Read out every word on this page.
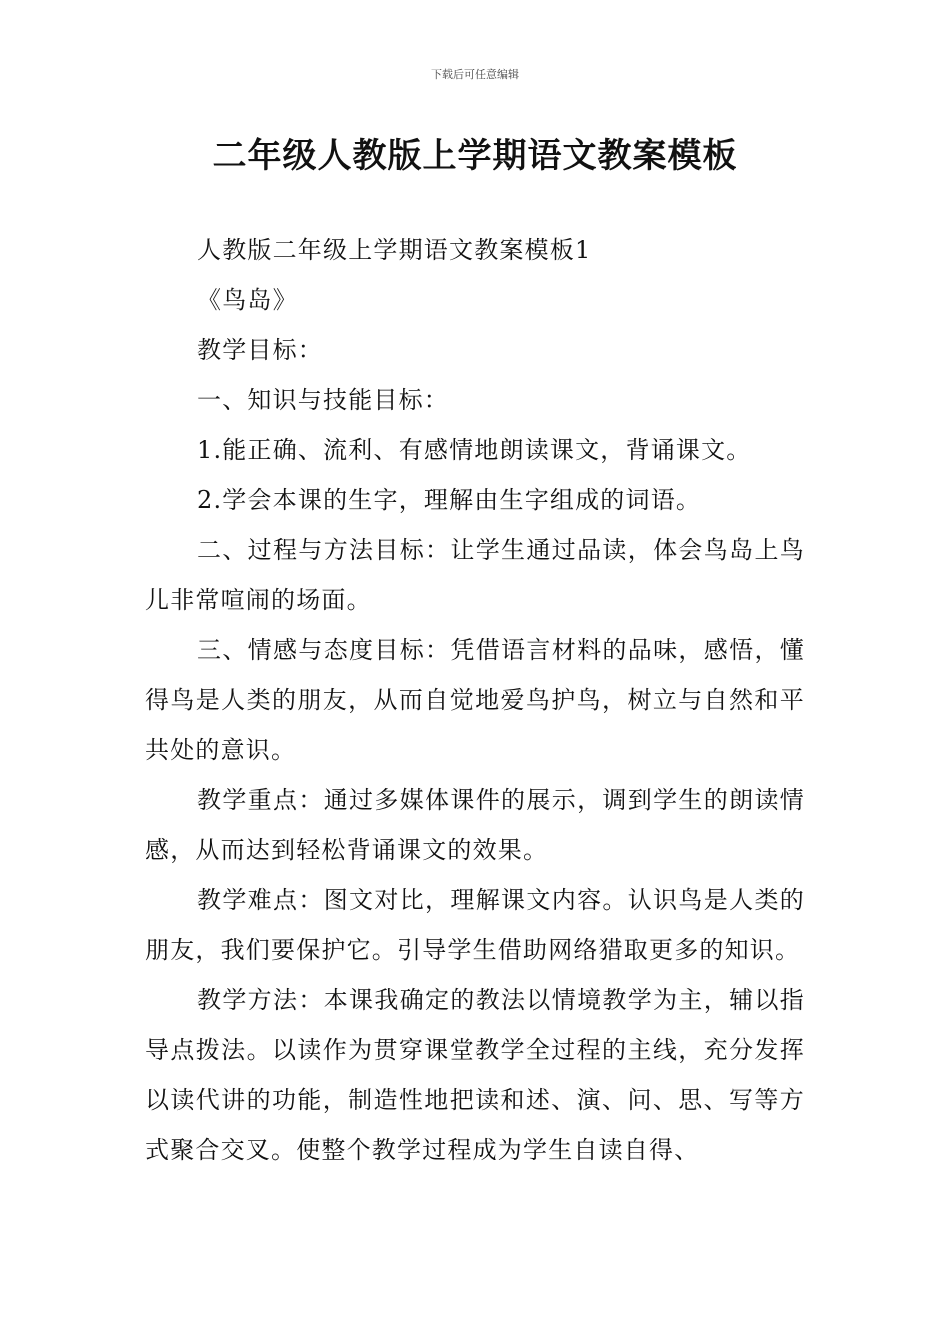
下载后可任意编辑
二年级人教版上学期语文教案模板

人教版二年级上学期语文教案模板1

《鸟岛》

教学目标：

一、知识与技能目标：

1.能正确、流利、有感情地朗读课文，背诵课文。

2.学会本课的生字，理解由生字组成的词语。

二、过程与方法目标：让学生通过品读，体会鸟岛上鸟儿非常喧闹的场面。

三、情感与态度目标：凭借语言材料的品味，感悟，懂得鸟是人类的朋友，从而自觉地爱鸟护鸟，树立与自然和平共处的意识。

教学重点：通过多媒体课件的展示，调到学生的朗读情感，从而达到轻松背诵课文的效果。

教学难点：图文对比，理解课文内容。认识鸟是人类的朋友，我们要保护它。引导学生借助网络猎取更多的知识。

教学方法：本课我确定的教法以情境教学为主，辅以指导点拨法。以读作为贯穿课堂教学全过程的主线，充分发挥以读代讲的功能，制造性地把读和述、演、问、思、写等方式聚合交叉。使整个教学过程成为学生自读自得、
